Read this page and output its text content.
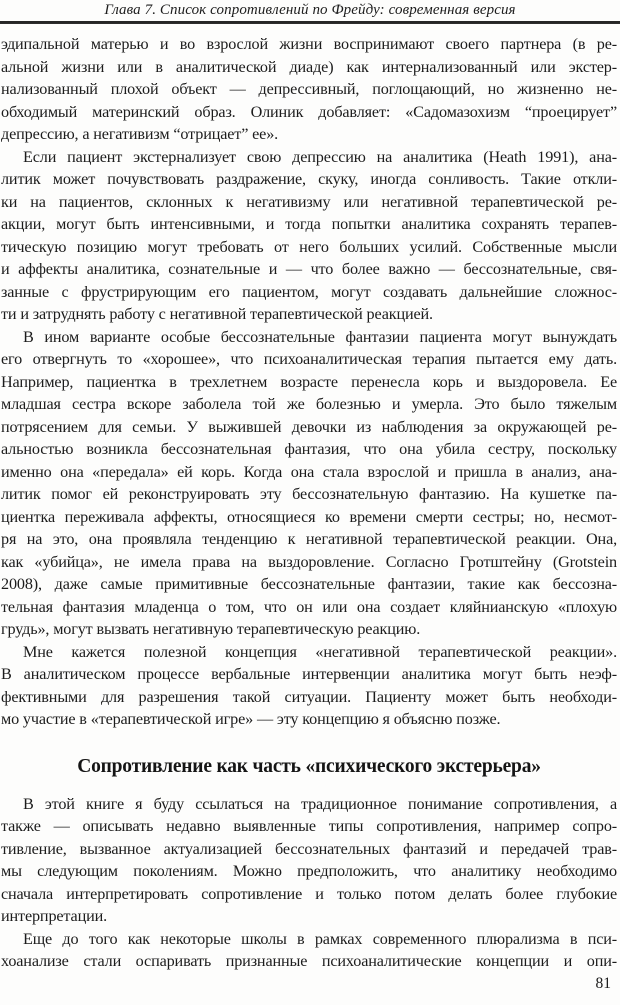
Глава 7. Список сопротивлений по Фрейду: современная версия

эдипальной матерью и во взрослой жизни воспринимают своего партнера (в ре-
альной жизни или в аналитической диаде) как интернализованный или экстер-
нализованный плохой объект — депрессивный, поглощающий, но жизненно не-
обходимый материнский образ. Олиник добавляет: «Садомазохизм “проецирует”
депрессию, а негативизм “отрицает” ее».

Если пациент экстернализует свою депрессию на аналитика (Heath 1991), ана-
литик может почувствовать раздражение, скуку, иногда сонливость. Такие откли-
ки на пациентов, склонных к негативизму или негативной терапевтической ре-
акции, могут быть интенсивными, и тогда попытки аналитика сохранять терапев-
тическую позицию могут требовать от него больших усилий. Собственные мысли
и аффекты аналитика, сознательные и — что более важно — бессознательные, свя-
занные с фрустрирующим его пациентом, могут создавать дальнейшие сложнос-
ти и затруднять работу с негативной терапевтической реакцией.

В ином варианте особые бессознательные фантазии пациента могут вынуждать
его отвергнуть то «хорошее», что психоаналитическая терапия пытается ему дать.
Например, пациентка в трехлетнем возрасте перенесла корь и выздоровела. Ее
младшая сестра вскоре заболела той же болезнью и умерла. Это было тяжелым
потрясением для семьи. У выжившей девочки из наблюдения за окружающей ре-
альностью возникла бессознательная фантазия, что она убила сестру, поскольку
именно она «передала» ей корь. Когда она стала взрослой и пришла в анализ, ана-
литик помог ей реконструировать эту бессознательную фантазию. На кушетке па-
циентка переживала аффекты, относящиеся ко времени смерти сестры; но, несмот-
ря на это, она проявляла тенденцию к негативной терапевтической реакции. Она,
как «убийца», не имела права на выздоровление. Согласно Гротштейну (Grotstein
2008), даже самые примитивные бессознательные фантазии, такие как бессозна-
тельная фантазия младенца о том, что он или она создает кляйнианскую «плохую
грудь», могут вызвать негативную терапевтическую реакцию.

Мне кажется полезной концепция «негативной терапевтической реакции».
В аналитическом процессе вербальные интервенции аналитика могут быть неэф-
фективными для разрешения такой ситуации. Пациенту может быть необходи-
мо участие в «терапевтической игре» — эту концепцию я объясню позже.

Сопротивление как часть «психического экстерьера»

В этой книге я буду ссылаться на традиционное понимание сопротивления, а
также — описывать недавно выявленные типы сопротивления, например сопро-
тивление, вызванное актуализацией бессознательных фантазий и передачей трав-
мы следующим поколениям. Можно предположить, что аналитику необходимо
сначала интерпретировать сопротивление и только потом делать более глубокие
интерпретации.

Еще до того как некоторые школы в рамках современного плюрализма в пси-
хоанализе стали оспаривать признанные психоаналитические концепции и опи-

81
